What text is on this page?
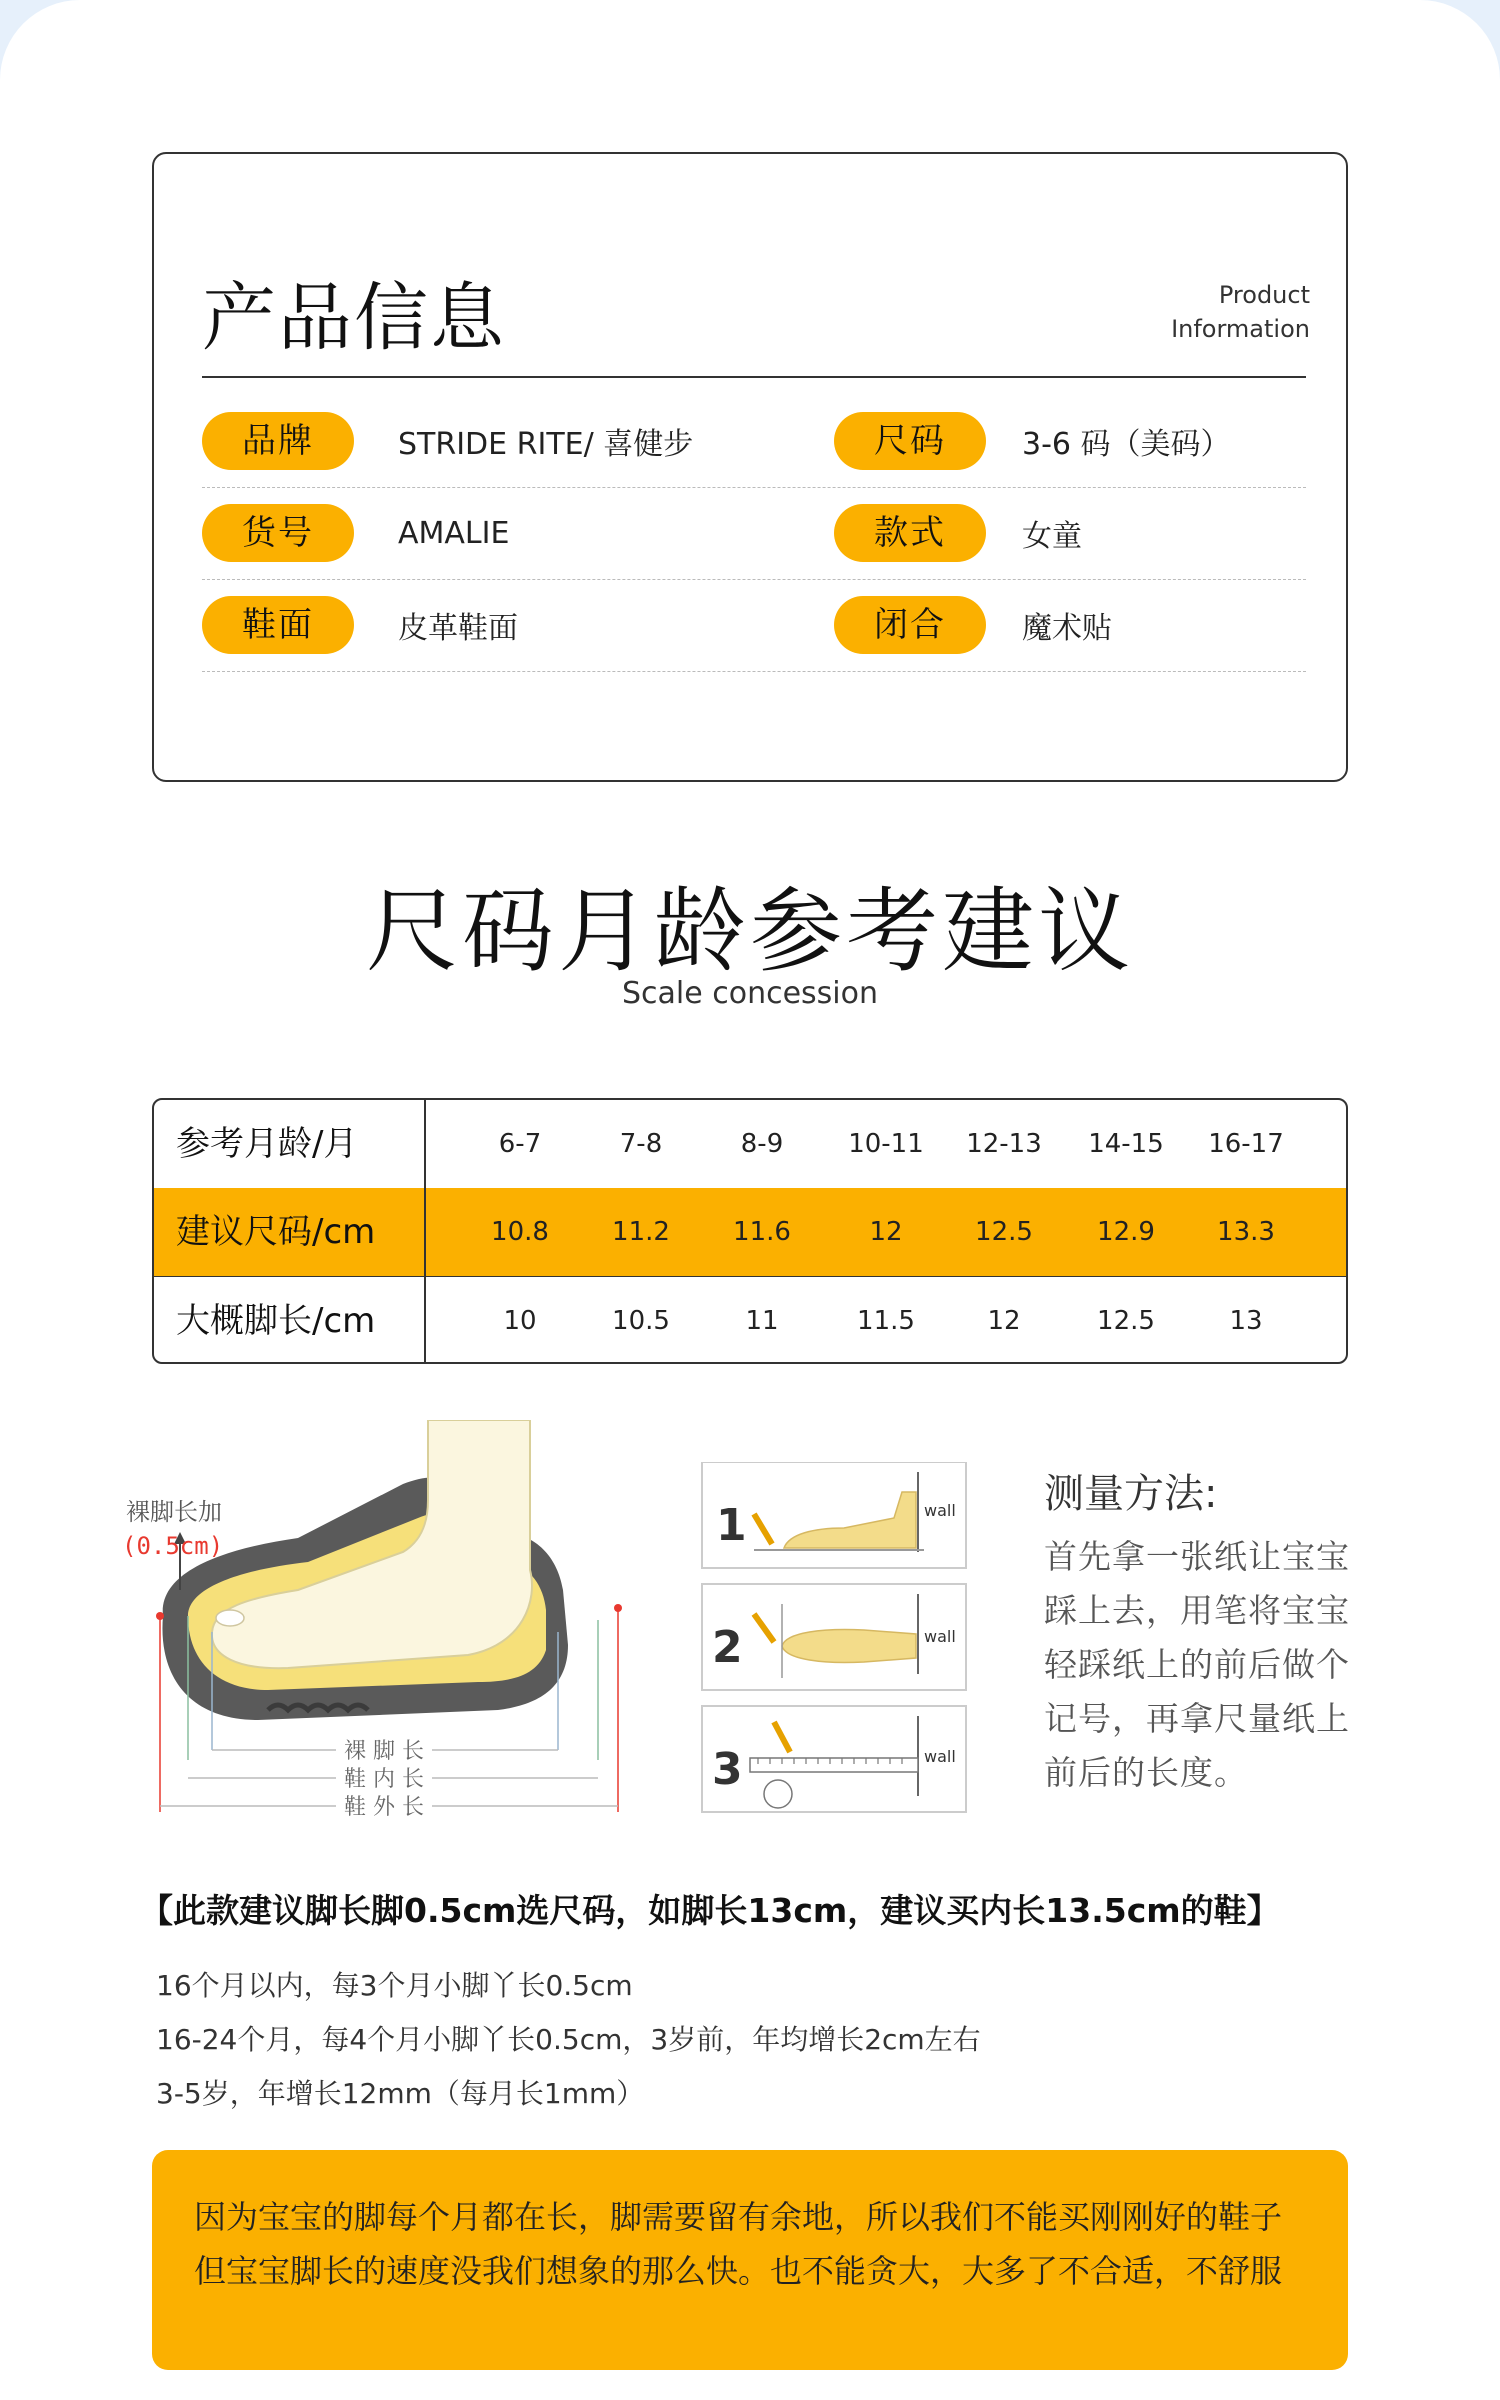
产品信息	Product
Information
品牌	STRIDE RITE/ 喜健步	尺码	3-6 码（美码）
货号	AMALIE	款式	女童
鞋面	皮革鞋面	闭合	魔术贴
尺码月龄参考建议
Scale concession
参考月龄/月	6-7	7-8	8-9	10-11	12-13	14-15	16-17
建议尺码/cm	10.8	11.2	11.6	12	12.5	12.9	13.3
大概脚长/cm	10	10.5	11	11.5	12	12.5	13
裸 脚 长
鞋 内 长
鞋 外 长
裸脚长加
(0.5cm)	1	wall
2	wall
3	wall
测量方法:
首先拿一张纸让宝宝
踩上去，用笔将宝宝
轻踩纸上的前后做个
记号，再拿尺量纸上
前后的长度。
【此款建议脚长脚0.5cm选尺码，如脚长13cm，建议买内长13.5cm的鞋】
16个月以内，每3个月小脚丫长0.5cm
16-24个月，每4个月小脚丫长0.5cm，3岁前，年均增长2cm左右
3-5岁，年增长12mm（每月长1mm）

因为宝宝的脚每个月都在长，脚需要留有余地，所以我们不能买刚刚好的鞋子

但宝宝脚长的速度没我们想象的那么快。也不能贪大，大多了不合适，不舒服
